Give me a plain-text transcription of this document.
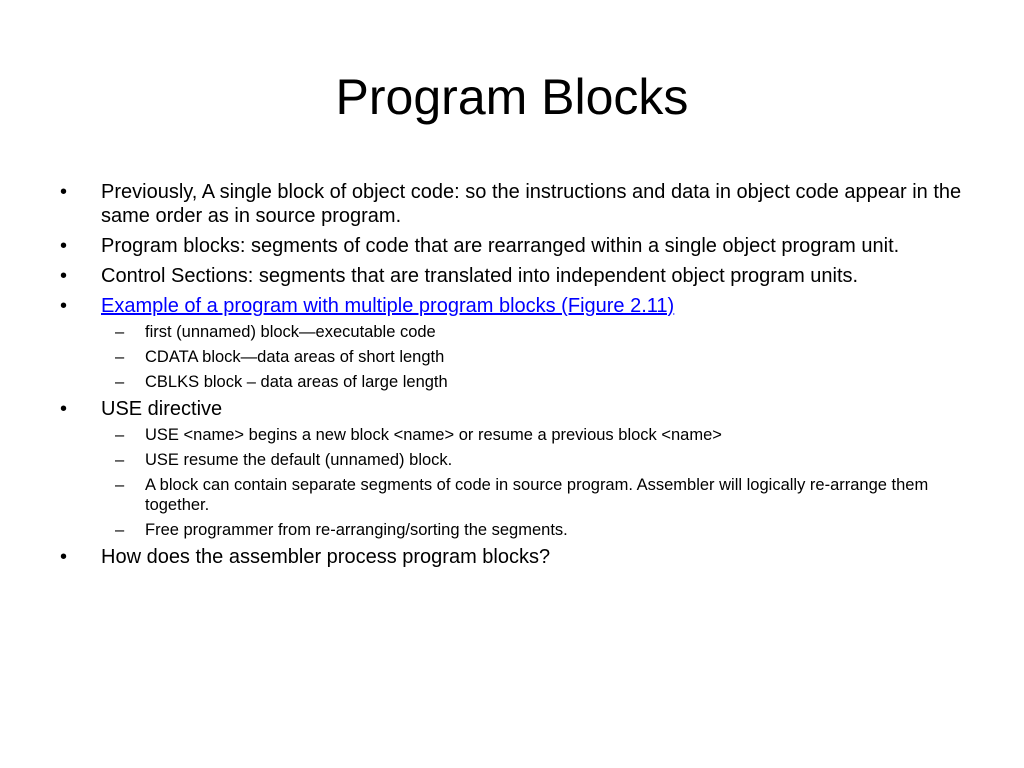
Program Blocks
• Previously, A single block of object code: so the instructions and data in object code appear in the same order as in source program.
• Program blocks: segments of code that are rearranged within a single object program unit.
• Control Sections: segments that are translated into independent object program units.
• Example of a program with multiple program blocks (Figure 2.11)
– first (unnamed) block—executable code
– CDATA block—data areas of short length
– CBLKS block – data areas of large length
• USE directive
– USE <name> begins a new block <name> or resume a previous block <name>
– USE resume the default (unnamed) block.
– A block can contain separate segments of code in source program. Assembler will logically re-arrange them together.
– Free programmer from re-arranging/sorting the segments.
• How does the assembler process program blocks?
